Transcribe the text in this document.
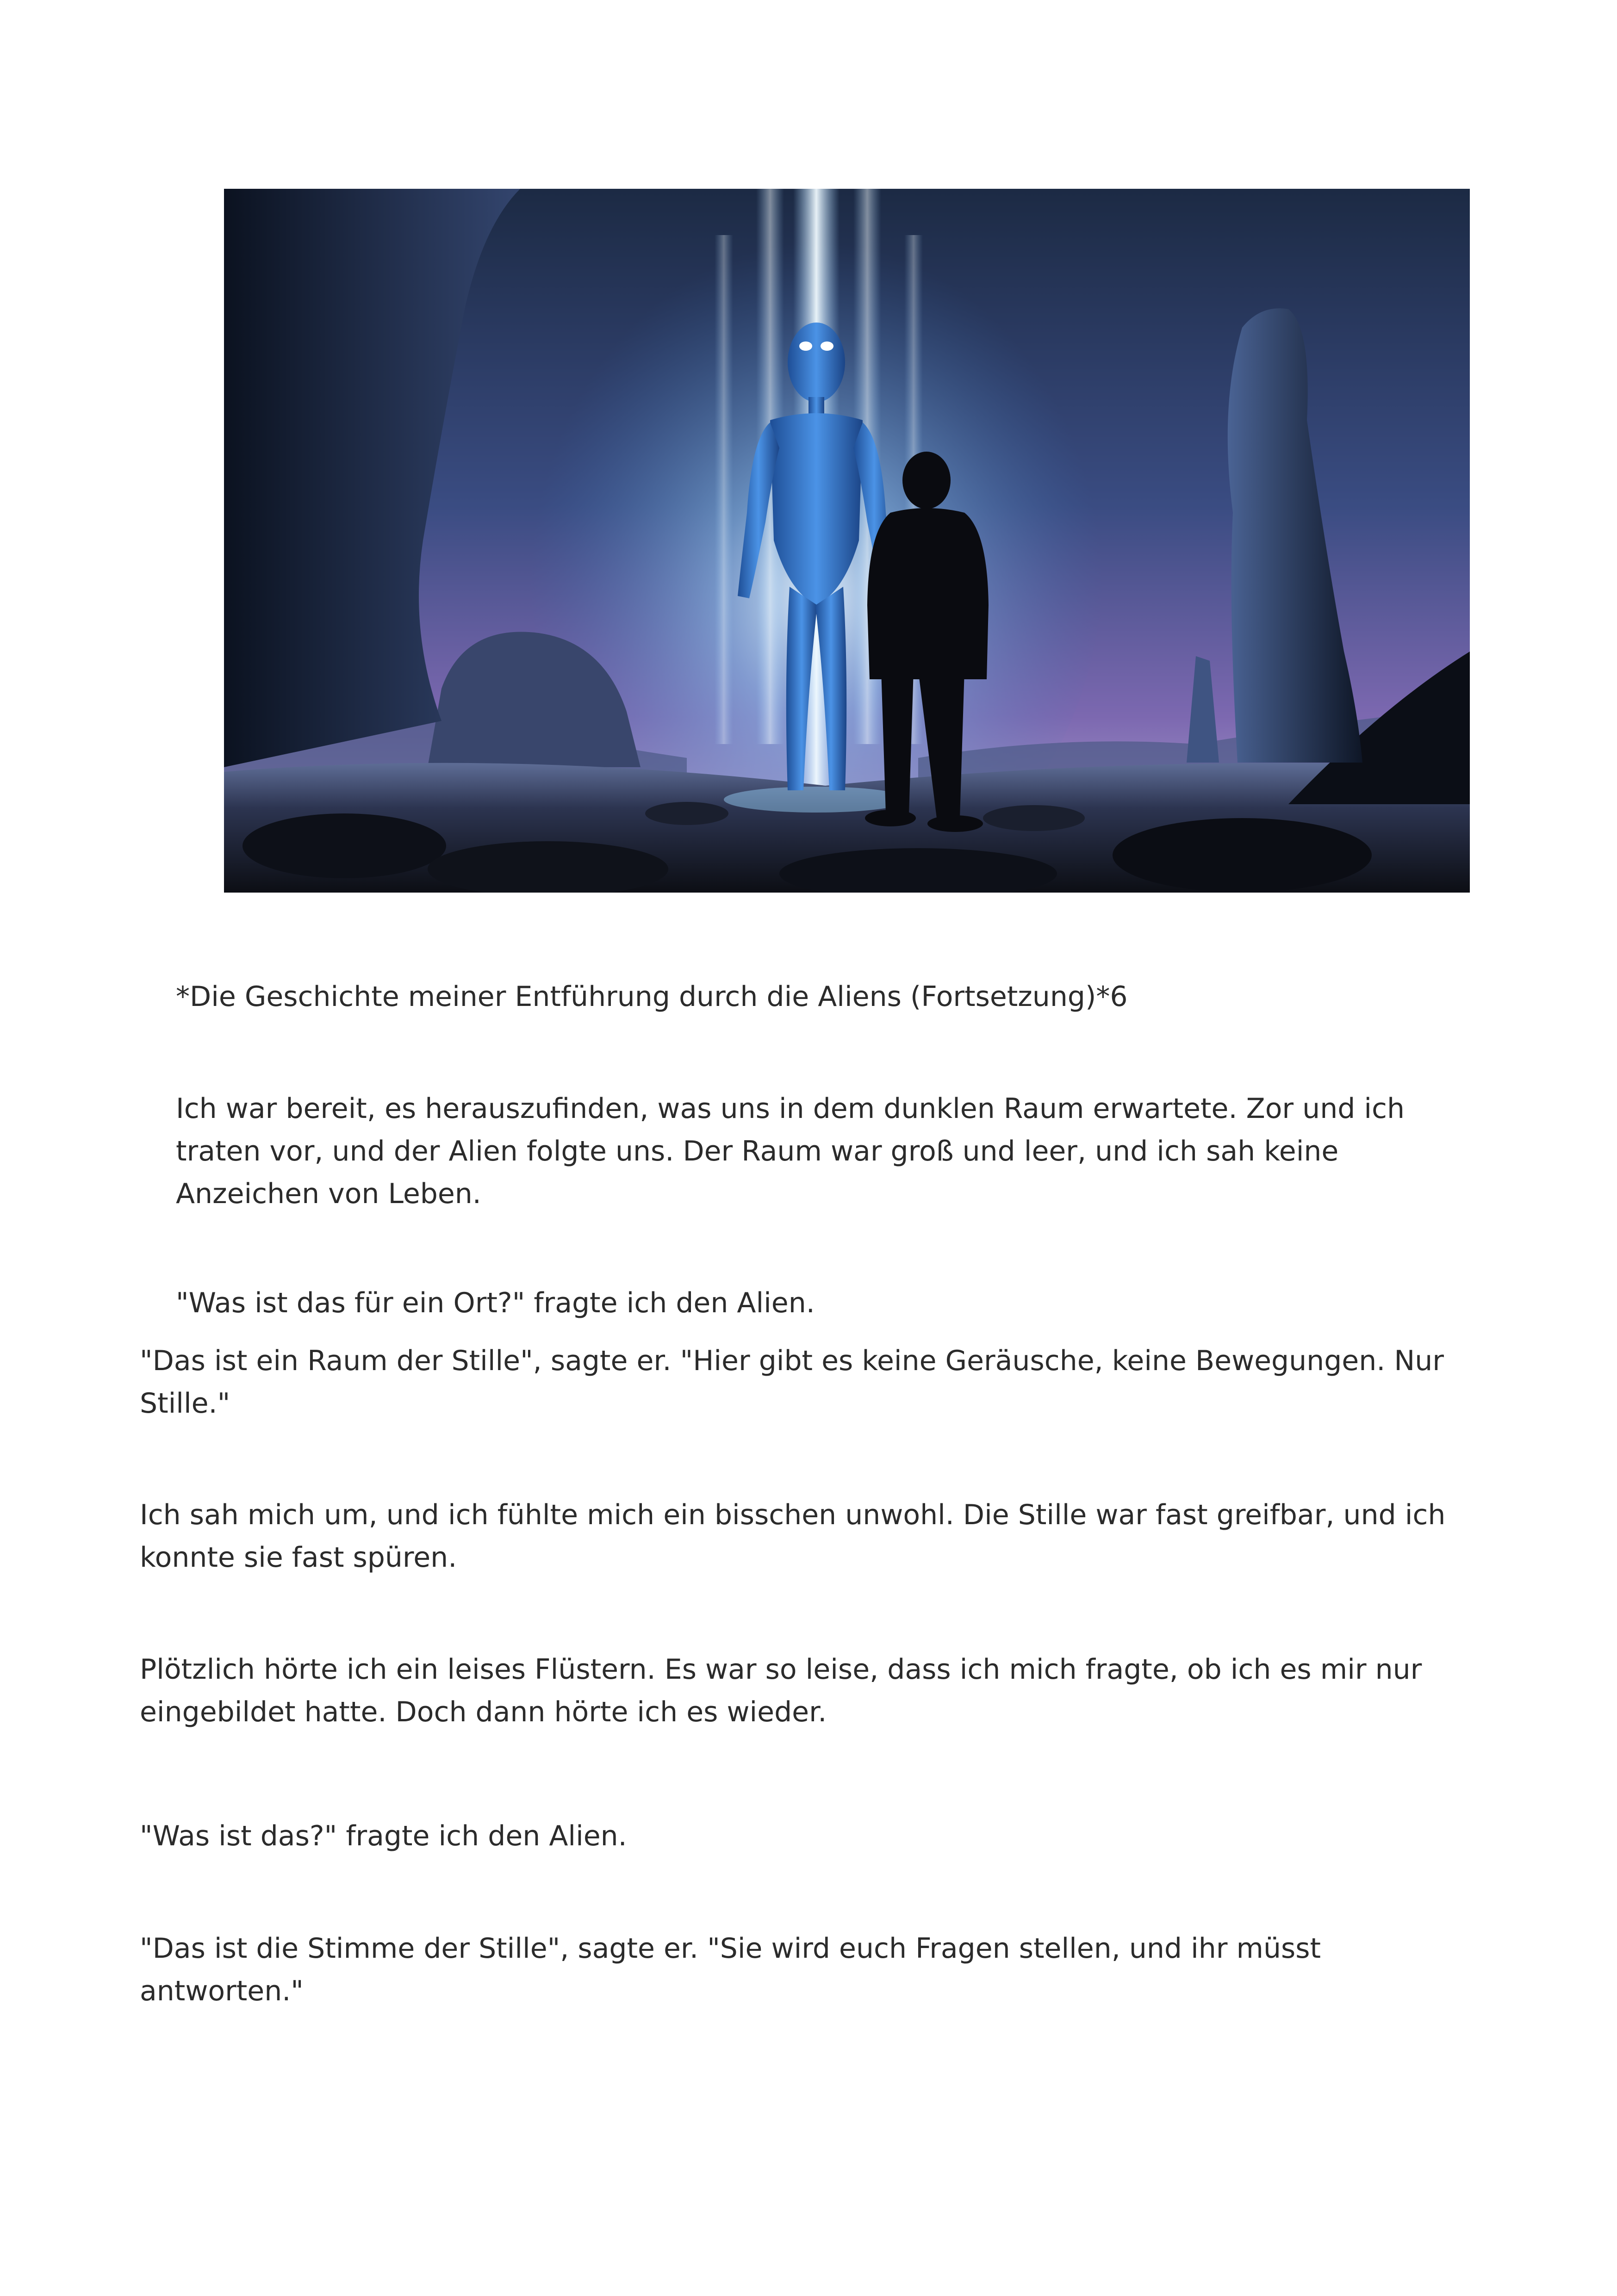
*Die Geschichte meiner Entführung durch die Aliens (Fortsetzung)*6

Ich war bereit, es herauszufinden, was uns in dem dunklen Raum erwartete. Zor und ich traten vor, und der Alien folgte uns. Der Raum war groß und leer, und ich sah keine Anzeichen von Leben.

"Was ist das für ein Ort?" fragte ich den Alien.

"Das ist ein Raum der Stille", sagte er. "Hier gibt es keine Geräusche, keine Bewegungen. Nur Stille."

Ich sah mich um, und ich fühlte mich ein bisschen unwohl. Die Stille war fast greifbar, und ich konnte sie fast spüren.

Plötzlich hörte ich ein leises Flüstern. Es war so leise, dass ich mich fragte, ob ich es mir nur eingebildet hatte. Doch dann hörte ich es wieder.

"Was ist das?" fragte ich den Alien.

"Das ist die Stimme der Stille", sagte er. "Sie wird euch Fragen stellen, und ihr müsst antworten."
